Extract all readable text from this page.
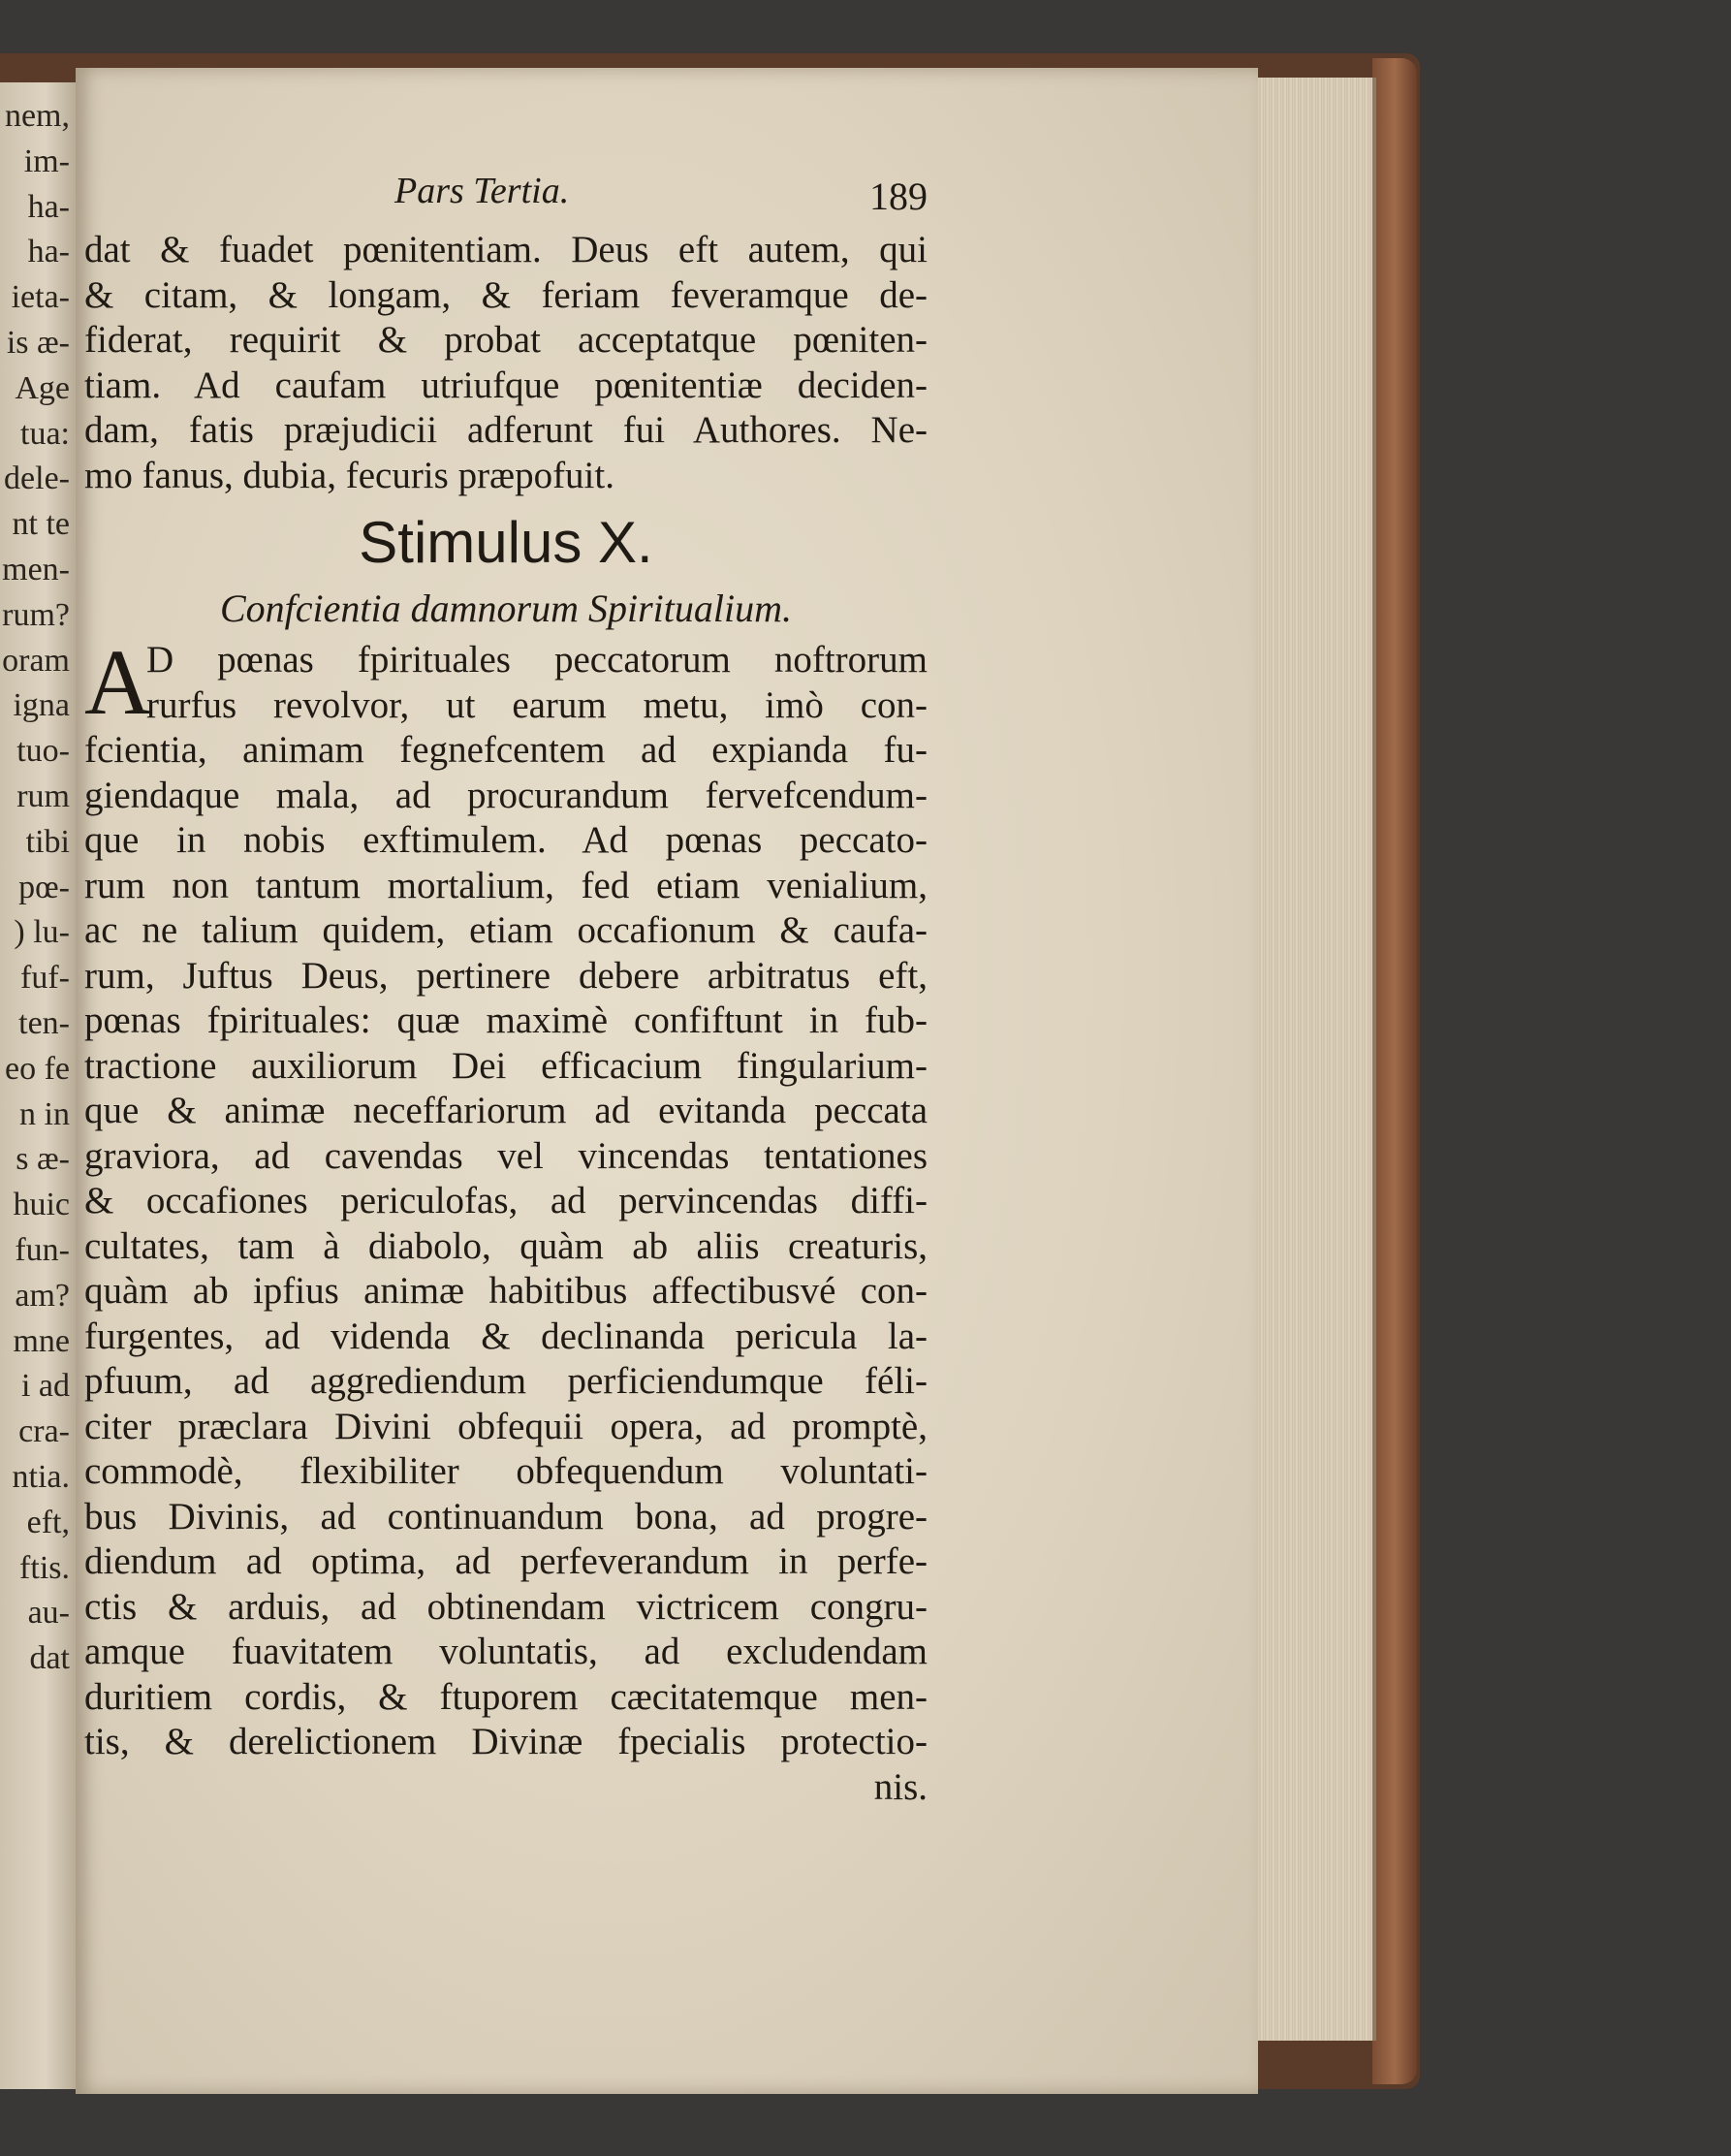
nem,
im-
ha-
ha-
ieta-
is æ-
Age
tua:
dele-
nt te
men-
rum?
oram
igna
tuo-
rum
tibi
pœ-
) lu-
fuf-
ten-
eo fe
n in
s æ-
huic
fun-
am?
mne
i ad
cra-
ntia.
eft,
ftis.
au-
dat
Pars Tertia.	189
dat & fuadet pœnitentiam. Deus eft autem, qui
& citam, & longam, & feriam feveramque de-
fiderat, requirit & probat acceptatque pœniten-
tiam. Ad caufam utriufque pœnitentiæ deciden-
dam, fatis præjudicii adferunt fui Authores. Ne-
mo fanus, dubia, fecuris præpofuit.
Stimulus X.
Confcientia damnorum Spiritualium.
A
D pœnas fpirituales peccatorum noftrorum
rurfus revolvor, ut earum metu, imò con-
fcientia, animam fegnefcentem ad expianda fu-
giendaque mala, ad procurandum fervefcendum-
que in nobis exftimulem. Ad pœnas peccato-
rum non tantum mortalium, fed etiam venialium,
ac ne talium quidem, etiam occafionum & caufa-
rum, Juftus Deus, pertinere debere arbitratus eft,
pœnas fpirituales: quæ maximè confiftunt in fub-
tractione auxiliorum Dei efficacium fingularium-
que & animæ neceffariorum ad evitanda peccata
graviora, ad cavendas vel vincendas tentationes
& occafiones periculofas, ad pervincendas diffi-
cultates, tam à diabolo, quàm ab aliis creaturis,
quàm ab ipfius animæ habitibus affectibusvé con-
furgentes, ad videnda & declinanda pericula la-
pfuum, ad aggrediendum perficiendumque féli-
citer præclara Divini obfequii opera, ad promptè,
commodè, flexibiliter obfequendum voluntati-
bus Divinis, ad continuandum bona, ad progre-
diendum ad optima, ad perfeverandum in perfe-
ctis & arduis, ad obtinendam victricem congru-
amque fuavitatem voluntatis, ad excludendam
duritiem cordis, & ftuporem cæcitatemque men-
tis, & derelictionem Divinæ fpecialis protectio-
nis.
